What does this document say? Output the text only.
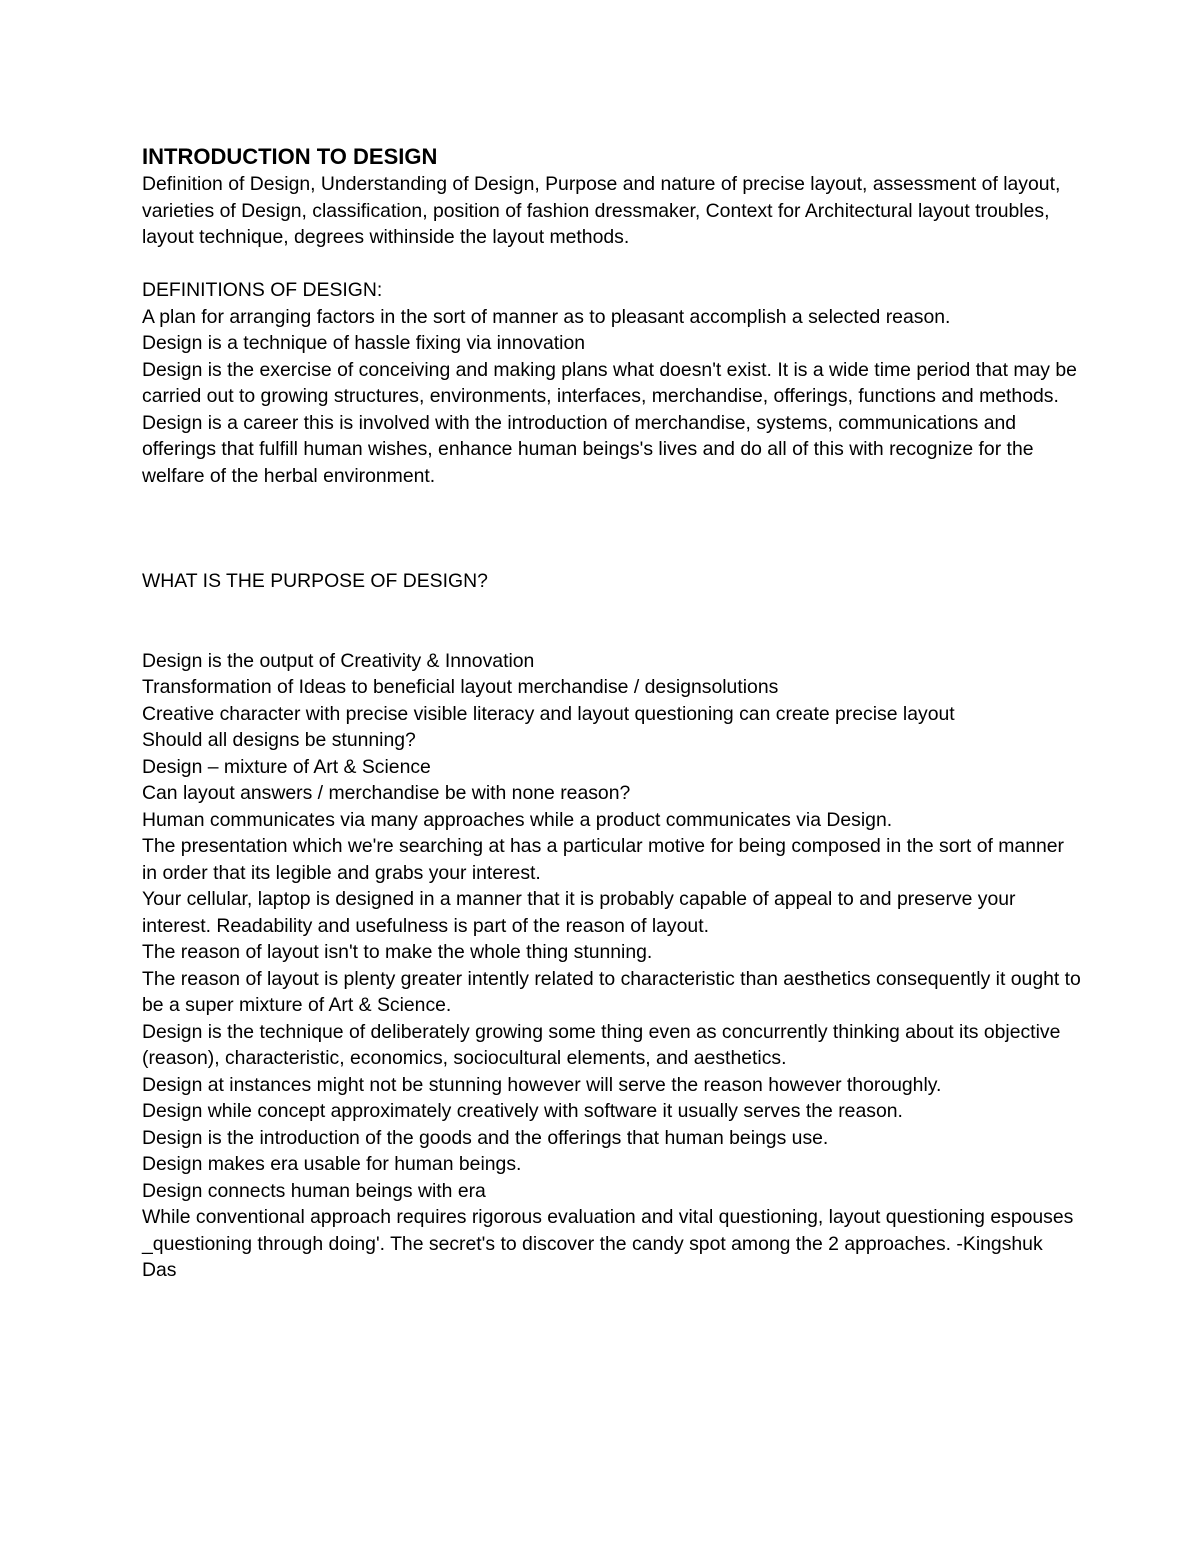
INTRODUCTION TO DESIGN

Definition of Design, Understanding of Design, Purpose and nature of precise layout, assessment of layout, varieties of Design, classification, position of fashion dressmaker, Context for Architectural layout troubles, layout technique, degrees withinside the layout methods.

DEFINITIONS OF DESIGN:

A plan for arranging factors in the sort of manner as to pleasant accomplish a selected reason.

Design is a technique of hassle fixing via innovation

Design is the exercise of conceiving and making plans what doesn't exist. It is a wide time period that may be carried out to growing structures, environments, interfaces, merchandise, offerings, functions and methods.

Design is a career this is involved with the introduction of merchandise, systems, communications and offerings that fulfill human wishes, enhance human beings's lives and do all of this with recognize for the welfare of the herbal environment.

WHAT IS THE PURPOSE OF DESIGN?

Design is the output of Creativity & Innovation

Transformation of Ideas to beneficial layout merchandise / designsolutions

Creative character with precise visible literacy and layout questioning can create precise layout

Should all designs be stunning?

Design – mixture of Art & Science

Can layout answers / merchandise be with none reason?

Human communicates via many approaches while a product communicates via Design.

The presentation which we're searching at has a particular motive for being composed in the sort of manner in order that its legible and grabs your interest.

Your cellular, laptop is designed in a manner that it is probably capable of appeal to and preserve your interest. Readability and usefulness is part of the reason of layout.

The reason of layout isn't to make the whole thing stunning.

The reason of layout is plenty greater intently related to characteristic than aesthetics consequently it ought to be a super mixture of Art & Science.

Design is the technique of deliberately growing some thing even as concurrently thinking about its objective (reason), characteristic, economics, sociocultural elements, and aesthetics.

Design at instances might not be stunning however will serve the reason however thoroughly.

Design while concept approximately creatively with software it usually serves the reason.

Design is the introduction of the goods and the offerings that human beings use.

Design makes era usable for human beings.

Design connects human beings with era

While conventional approach requires rigorous evaluation and vital questioning, layout questioning espouses _questioning through doing'. The secret's to discover the candy spot among the 2 approaches. -Kingshuk Das
